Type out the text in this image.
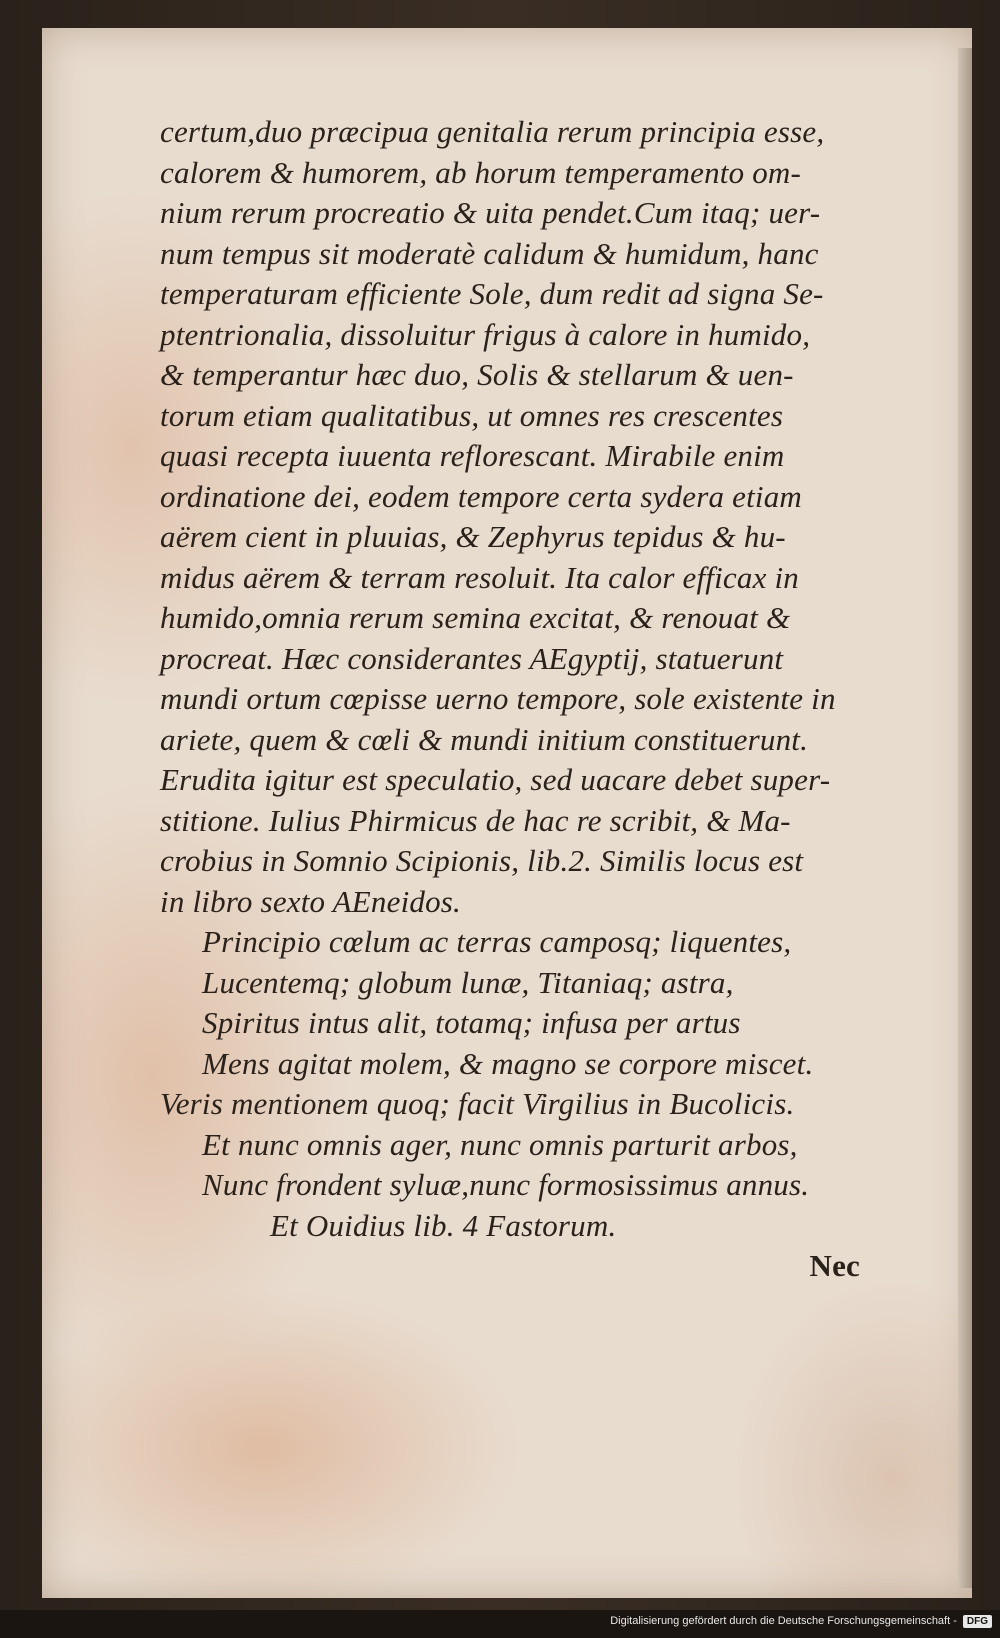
certum,duo præcipua genitalia rerum principia esse,
calorem & humorem, ab horum temperamento om-
nium rerum procreatio & uita pendet.Cum itaq; uer-
num tempus sit moderatè calidum & humidum, hanc
temperaturam efficiente Sole, dum redit ad signa Se-
ptentrionalia, dissoluitur frigus à calore in humido,
& temperantur hæc duo, Solis & stellarum & uen-
torum etiam qualitatibus, ut omnes res crescentes
quasi recepta iuuenta reflorescant. Mirabile enim
ordinatione dei, eodem tempore certa sydera etiam
aërem cient in pluuias, & Zephyrus tepidus & hu-
midus aërem & terram resoluit. Ita calor efficax in
humido,omnia rerum semina excitat, & renouat &
procreat. Hæc considerantes AEgyptij, statuerunt
mundi ortum cœpisse uerno tempore, sole existente in
ariete, quem & cœli & mundi initium constituerunt.
Erudita igitur est speculatio, sed uacare debet super-
stitione. Iulius Phirmicus de hac re scribit, & Ma-
crobius in Somnio Scipionis, lib.2. Similis locus est
in libro sexto AEneidos.
Principio cœlum ac terras camposq; liquentes,
Lucentemq; globum lunæ, Titaniaq; astra,
Spiritus intus alit, totamq; infusa per artus
Mens agitat molem, & magno se corpore miscet.
Veris mentionem quoq; facit Virgilius in Bucolicis.
Et nunc omnis ager, nunc omnis parturit arbos,
Nunc frondent syluæ,nunc formosissimus annus.
Et Ouidius lib. 4 Fastorum.
Nec
Digitalisierung gefördert durch die Deutsche Forschungsgemeinschaft -	DFG
